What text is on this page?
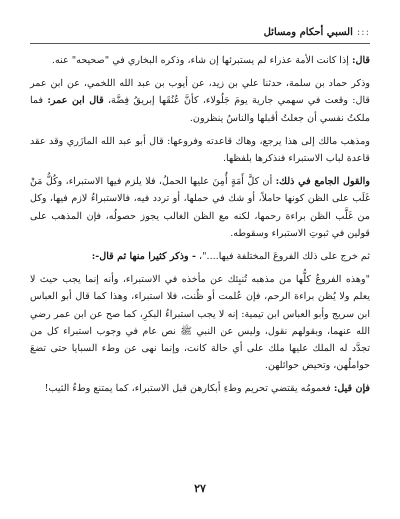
:::
السبي أحكام ومسائل

قال: إذا كانت الأمة عذراء لم يستبرئها إن شاء، وذكره البخاري في "صحيحه" عنه.

وذكر حماد بن سلمة، حدثنا علي بن زيد، عن أيوب بن عبد الله اللخمي، عن ابن عمر قال: وقعت في سهمي جارية يومَ جَلُولاء، كأنَّ عُنُقَها إبريقُ فِضَّة، قال ابن عمر: فما ملكتُ نفسي أن جعلتُ أقبلها والناسُ ينظرون.

ومذهب مالك إلى هذا يرجع، وهاك قاعدته وفروعها: قال أبو عبد الله المازَري وقد عقد قاعدة لباب الاستبراء فنذكرها بلفظها.

والقول الجامع في ذلك: أن كلَّ أَمَةٍ أُمِنَ عليها الحملُ، فلا يلزم فيها الاستبراء، وكُلُّ مَنْ غَلَب على الظن كونها حاملاً، أو شك في حملها، أو تردد فيه، فالاستبراءُ لازم فيها، وكل من غَلَّب الظن براءة رحمها، لكنه مع الظن الغالب يجوز حصولُه، فإن المذهب على قولين في ثبوتِ الاستبراء وسقوطه.

ثم خرج على ذلك الفروعَ المختلفة فيها...."، - وذكر كثيرا منها ثم قال-:

"وهذه الفروعُ كلُّها من مذهبه تُنبِئك عن مأخذه في الاستبراء، وأنه إنما يجب حيث لا يعلم ولا يُظن براءة الرحم، فإن عُلمت أو ظُنت، فلا استبراء، وهذا كما قال أبو العباس ابن سريج وأبو العباس ابن تيمية: إنه لا يجب استبراءُ البكرِ، كما صح عن ابن عمر رضي الله عنهما، وبقولهم نقول، وليس عن النبي ﷺ نص عام في وجوب استبراء كل من تجدَّد له الملك عليها ملك على أي حالة كانت، وإنما نهى عن وطء السبايا حتى تضعَ حواملُهن، وتحيض حوائلهن.

فإن قيل: فعمومُه يقتضي تحريم وطءِ أبكارهن قبل الاستبراء، كما يمتنع وطءُ الثيب!

٢٧
